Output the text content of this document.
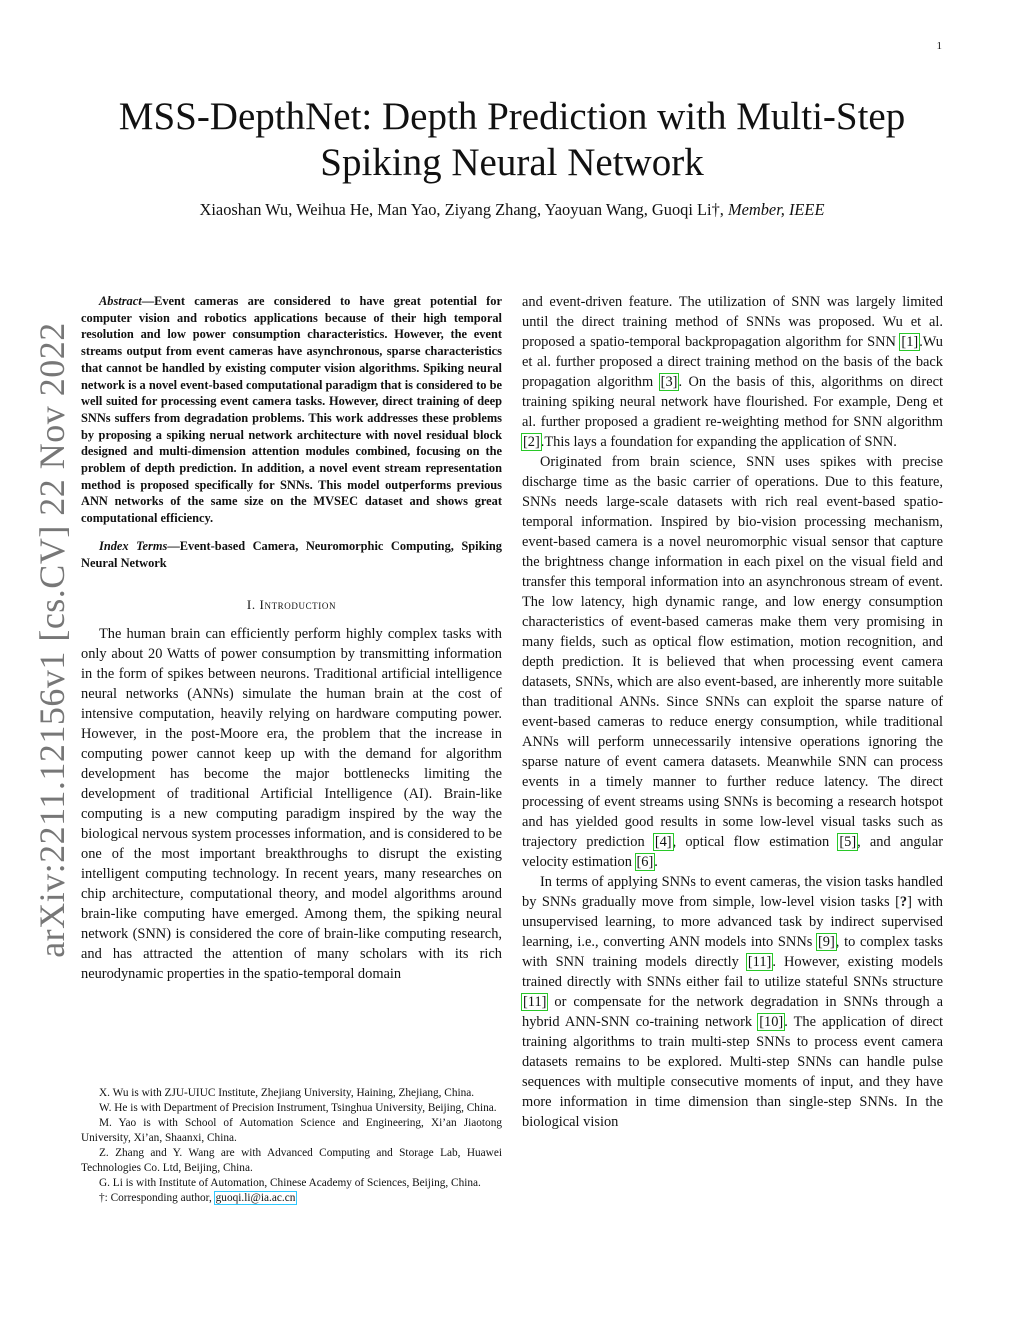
1
MSS-DepthNet: Depth Prediction with Multi-Step
Spiking Neural Network
Xiaoshan Wu, Weihua He, Man Yao, Ziyang Zhang, Yaoyuan Wang, Guoqi Li†, Member, IEEE
arXiv:2211.12156v1 [cs.CV] 22 Nov 2022
Abstract—Event cameras are considered to have great potential for computer vision and robotics applications because of their high temporal resolution and low power consumption characteristics. However, the event streams output from event cameras have asynchronous, sparse characteristics that cannot be handled by existing computer vision algorithms. Spiking neural network is a novel event-based computational paradigm that is considered to be well suited for processing event camera tasks. However, direct training of deep SNNs suffers from degradation problems. This work addresses these problems by proposing a spiking nerual network architecture with novel residual block designed and multi-dimension attention modules combined, focusing on the problem of depth prediction. In addition, a novel event stream representation method is proposed specifically for SNNs. This model outperforms previous ANN networks of the same size on the MVSEC dataset and shows great computational efficiency.
Index Terms—Event-based Camera, Neuromorphic Computing, Spiking Neural Network
I. Introduction

The human brain can efficiently perform highly complex tasks with only about 20 Watts of power consumption by transmitting information in the form of spikes between neurons. Traditional artificial intelligence neural networks (ANNs) simulate the human brain at the cost of intensive computation, heavily relying on hardware computing power. However, in the post-Moore era, the problem that the increase in computing power cannot keep up with the demand for algorithm development has become the major bottlenecks limiting the development of traditional Artificial Intelligence (AI). Brain-like computing is a new computing paradigm inspired by the way the biological nervous system processes information, and is considered to be one of the most important breakthroughs to disrupt the existing intelligent computing technology. In recent years, many researches on chip architecture, computational theory, and model algorithms around brain-like computing have emerged. Among them, the spiking neural network (SNN) is considered the core of brain-like computing research, and has attracted the attention of many scholars with its rich neurodynamic properties in the spatio-temporal domain

X. Wu is with ZJU-UIUC Institute, Zhejiang University, Haining, Zhejiang, China.
W. He is with Department of Precision Instrument, Tsinghua University, Beijing, China.
M. Yao is with School of Automation Science and Engineering, Xi’an Jiaotong University, Xi’an, Shaanxi, China.
Z. Zhang and Y. Wang are with Advanced Computing and Storage Lab, Huawei Technologies Co. Ltd, Beijing, China.
G. Li is with Institute of Automation, Chinese Academy of Sciences, Beijing, China.
†: Corresponding author, guoqi.li@ia.ac.cn

and event-driven feature. The utilization of SNN was largely limited until the direct training method of SNNs was proposed. Wu et al. proposed a spatio-temporal backpropagation algorithm for SNN [1].Wu et al. further proposed a direct training method on the basis of the back propagation algorithm [3]. On the basis of this, algorithms on direct training spiking neural network have flourished. For example, Deng et al. further proposed a gradient re-weighting method for SNN algorithm [2].This lays a foundation for expanding the application of SNN.

Originated from brain science, SNN uses spikes with precise discharge time as the basic carrier of operations. Due to this feature, SNNs needs large-scale datasets with rich real event-based spatio-temporal information. Inspired by bio-vision processing mechanism, event-based camera is a novel neuromorphic visual sensor that capture the brightness change information in each pixel on the visual field and transfer this temporal information into an asynchronous stream of event. The low latency, high dynamic range, and low energy consumption characteristics of event-based cameras make them very promising in many fields, such as optical flow estimation, motion recognition, and depth prediction. It is believed that when processing event camera datasets, SNNs, which are also event-based, are inherently more suitable than traditional ANNs. Since SNNs can exploit the sparse nature of event-based cameras to reduce energy consumption, while traditional ANNs will perform unnecessarily intensive operations ignoring the sparse nature of event camera datasets. Meanwhile SNN can process events in a timely manner to further reduce latency. The direct processing of event streams using SNNs is becoming a research hotspot and has yielded good results in some low-level visual tasks such as trajectory prediction [4], optical flow estimation [5], and angular velocity estimation [6].

In terms of applying SNNs to event cameras, the vision tasks handled by SNNs gradually move from simple, low-level vision tasks [?] with unsupervised learning, to more advanced task by indirect supervised learning, i.e., converting ANN models into SNNs [9], to complex tasks with SNN training models directly [11]. However, existing models trained directly with SNNs either fail to utilize stateful SNNs structure [11] or compensate for the network degradation in SNNs through a hybrid ANN-SNN co-training network [10]. The application of direct training algorithms to train multi-step SNNs to process event camera datasets remains to be explored. Multi-step SNNs can handle pulse sequences with multiple consecutive moments of input, and they have more information in time dimension than single-step SNNs. In the biological vision
